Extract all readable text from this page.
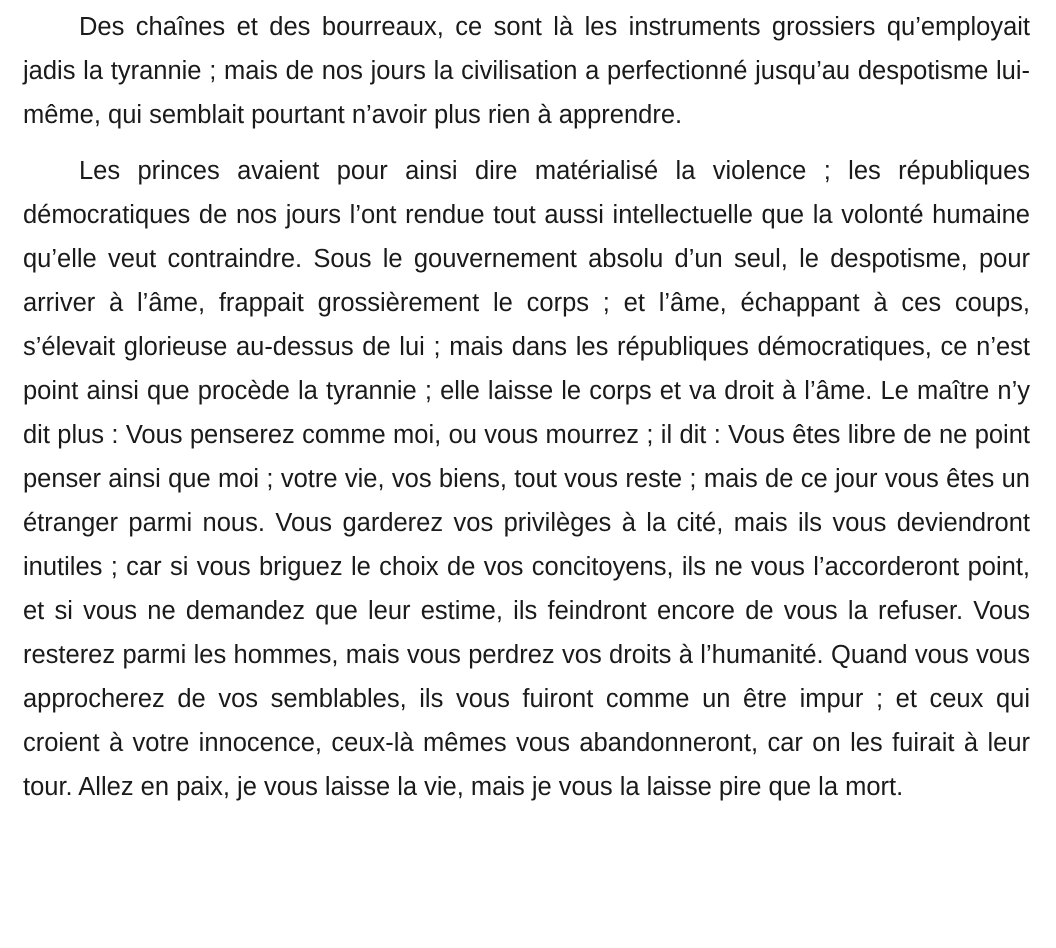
Des chaînes et des bourreaux, ce sont là les instruments grossiers qu’employait jadis la tyrannie ; mais de nos jours la civilisation a perfectionné jusqu’au despotisme lui-même, qui semblait pourtant n’avoir plus rien à apprendre.

Les princes avaient pour ainsi dire matérialisé la violence ; les républiques démocratiques de nos jours l’ont rendue tout aussi intellectuelle que la volonté humaine qu’elle veut contraindre. Sous le gouvernement absolu d’un seul, le despotisme, pour arriver à l’âme, frappait grossièrement le corps ; et l’âme, échappant à ces coups, s’élevait glorieuse au-dessus de lui ; mais dans les républiques démocratiques, ce n’est point ainsi que procède la tyrannie ; elle laisse le corps et va droit à l’âme. Le maître n’y dit plus : Vous penserez comme moi, ou vous mourrez ; il dit : Vous êtes libre de ne point penser ainsi que moi ; votre vie, vos biens, tout vous reste ; mais de ce jour vous êtes un étranger parmi nous. Vous garderez vos privilèges à la cité, mais ils vous deviendront inutiles ; car si vous briguez le choix de vos concitoyens, ils ne vous l’accorderont point, et si vous ne demandez que leur estime, ils feindront encore de vous la refuser. Vous resterez parmi les hommes, mais vous perdrez vos droits à l’humanité. Quand vous vous approcherez de vos semblables, ils vous fuiront comme un être impur ; et ceux qui croient à votre innocence, ceux-là mêmes vous abandonneront, car on les fuirait à leur tour. Allez en paix, je vous laisse la vie, mais je vous la laisse pire que la mort.
